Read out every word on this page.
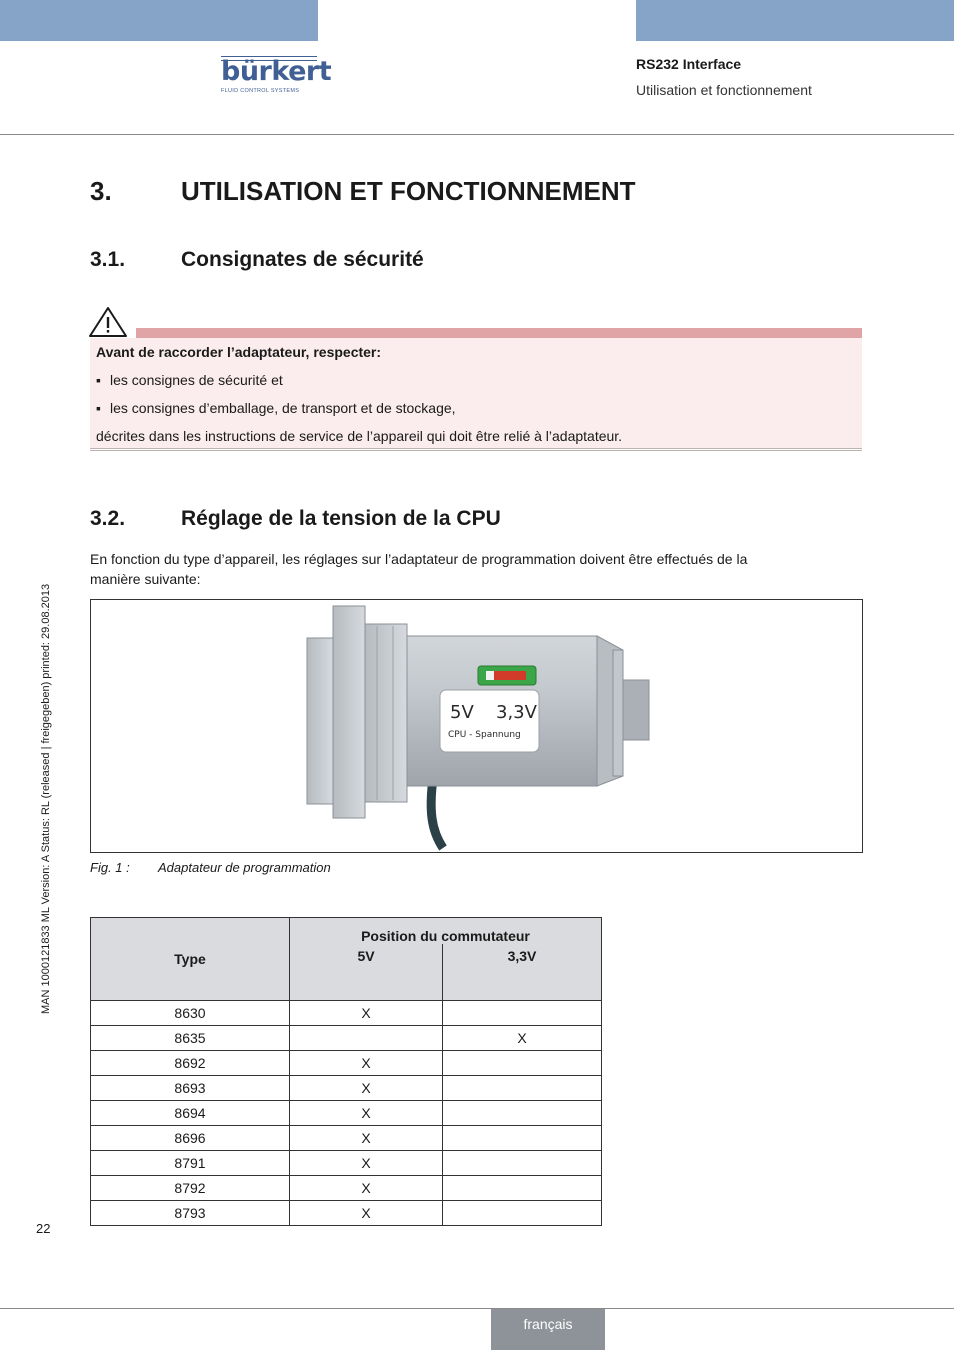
bürkert
FLUID CONTROL SYSTEMS
RS232 Interface
Utilisation et fonctionnement
3.	UTILISATION ET FONCTIONNEMENT
3.1.	Consignates de sécurité
Avant de raccorder l’adaptateur, respecter:
▪ les consignes de sécurité et
▪ les consignes d’emballage, de transport et de stockage,
décrites dans les instructions de service de l’appareil qui doit être relié à l’adaptateur.
3.2.	Réglage de la tension de la CPU
En fonction du type d’appareil, les réglages sur l’adaptateur de programmation doivent être effectués de la
manière suivante:
5V 3,3V
CPU - Spannung
Fig. 1 : Adaptateur de programmation
Type	Position du commutateur	
	5V	3,3V
8630	X	
8635		X
8692	X	
8693	X	
8694	X	
8696	X	
8791	X	
8792	X	
8793	X	
MAN 1000121833 ML Version: A Status: RL (released | freigegeben) printed: 29.08.2013
22
français
